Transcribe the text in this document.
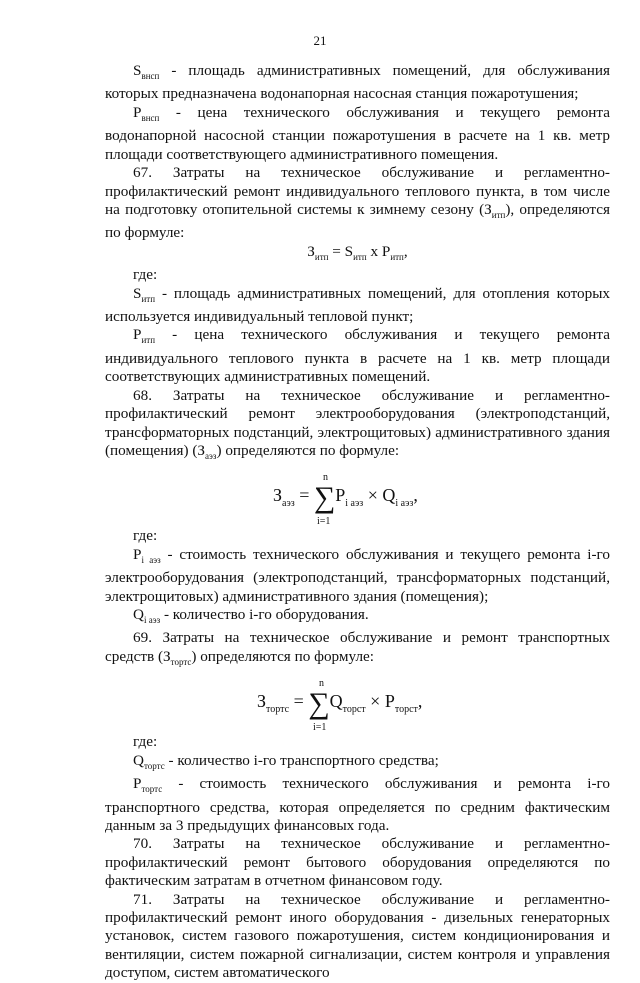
21

$S_{внсп}$ - площадь административных помещений, для обслуживания которых предназначена водонапорная насосная станция пожаротушения;

$P_{внсп}$ - цена технического обслуживания и текущего ремонта водонапорной насосной станции пожаротушения в расчете на 1 кв. метр площади соответствующего административного помещения.

67. Затраты на техническое обслуживание и регламентно-профилактический ремонт индивидуального теплового пункта, в том числе на подготовку отопительной системы к зимнему сезону $(З_{итп})$, определяются по формуле:

$З_{итп} = S_{итп}$ х $P_{итп}$,

где:

$S_{итп}$ - площадь административных помещений, для отопления которых используется индивидуальный тепловой пункт;

$P_{итп}$ - цена технического обслуживания и текущего ремонта индивидуального теплового пункта в расчете на 1 кв. метр площади соответствующих административных помещений.

68. Затраты на техническое обслуживание и регламентно-профилактический ремонт электрооборудования (электроподстанций, трансформаторных подстанций, электрощитовых) административного здания (помещения) $(З_{аэз})$ определяются по формуле:

$З_{аэз} = \sum P_{i аэз} \times Q_{i аэз}$,
n
i=1

где:

$P_{i аэз}$ - стоимость технического обслуживания и текущего ремонта i-го электрооборудования (электроподстанций, трансформаторных подстанций, электрощитовых) административного здания (помещения);

$Q_{i аэз}$ - количество i-го оборудования.

69. Затраты на техническое обслуживание и ремонт транспортных средств $(З_{тортс})$ определяются по формуле:

$З_{тортс} = \sum Q_{торст} \times P_{торст}$,
n
i=1

где:

$Q_{тортс}$ - количество i-го транспортного средства;

$P_{тортс}$ - стоимость технического обслуживания и ремонта i-го транспортного средства, которая определяется по средним фактическим данным за 3 предыдущих финансовых года.

70. Затраты на техническое обслуживание и регламентно-профилактический ремонт бытового оборудования определяются по фактическим затратам в отчетном финансовом году.

71. Затраты на техническое обслуживание и регламентно-профилактический ремонт иного оборудования - дизельных генераторных установок, систем газового пожаротушения, систем кондиционирования и вентиляции, систем пожарной сигнализации, систем контроля и управления доступом, систем автоматического
